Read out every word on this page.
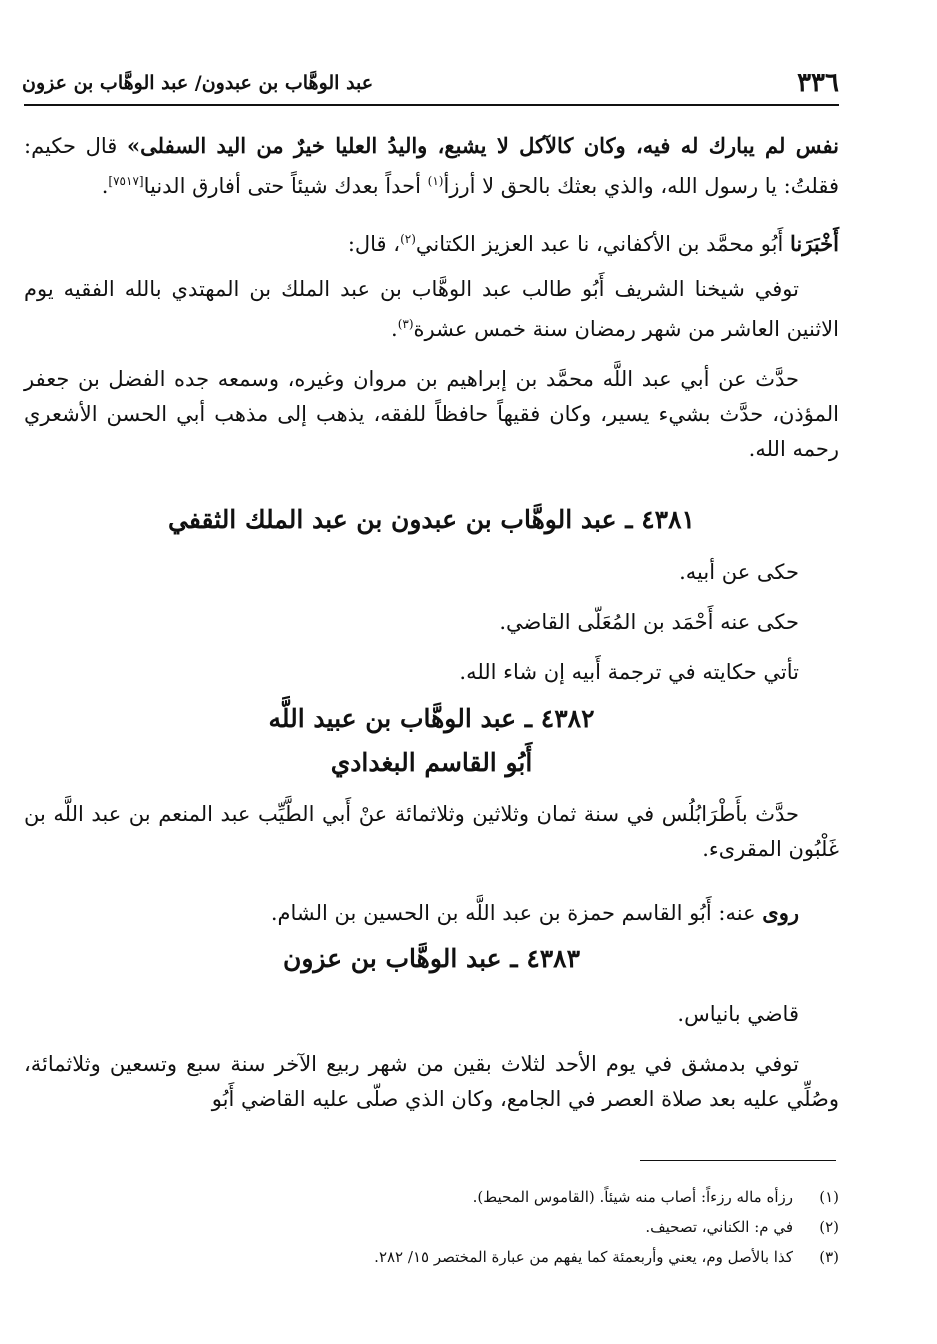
٣٣٦
عبد الوهَّاب بن عبدون/ عبد الوهَّاب بن عزون
نفس لم يبارك له فيه، وكان كالآكل لا يشبع، واليدُ العليا خيرٌ من اليد السفلى» قال حكيم: فقلتُ: يا رسول الله، والذي بعثك بالحق لا أرزأ$^{(١)}$ أحداً بعدك شيئاً حتى أفارق الدنيا[٧٥١٧].
أَخْبَرَنا أَبُو محمَّد بن الأكفاني، نا عبد العزيز الكتاني$^{(٢)}$، قال:
توفي شيخنا الشريف أَبُو طالب عبد الوهَّاب بن عبد الملك بن المهتدي بالله الفقيه يوم الاثنين العاشر من شهر رمضان سنة خمس عشرة$^{(٣)}$.
حدَّث عن أبي عبد اللَّه محمَّد بن إبراهيم بن مروان وغيره، وسمعه جده الفضل بن جعفر المؤذن، حدَّث بشيء يسير، وكان فقيهاً حافظاً للفقه، يذهب إلى مذهب أبي الحسن الأشعري رحمه الله.
٤٣٨١ ـ عبد الوهَّاب بن عبدون بن عبد الملك الثقفي
حكى عن أبيه.
حكى عنه أَحْمَد بن المُعَلّى القاضي.
تأتي حكايته في ترجمة أَبيه إن شاء الله.
٤٣٨٢ ـ عبد الوهَّاب بن عبيد اللَّه
أَبُو القاسم البغدادي
حدَّث بأَطْرَابُلُس في سنة ثمان وثلاثين وثلاثمائة عنْ أَبي الطَّيِّب عبد المنعم بن عبد اللَّه بن غَلْبُون المقرىء.
روى عنه: أَبُو القاسم حمزة بن عبد اللَّه بن الحسين بن الشام.
٤٣٨٣ ـ عبد الوهَّاب بن عزون
قاضي بانياس.
توفي بدمشق في يوم الأحد لثلاث بقين من شهر ربيع الآخر سنة سبع وتسعين وثلاثمائة، وصُلِّي عليه بعد صلاة العصر في الجامع، وكان الذي صلّى عليه القاضي أَبُو
(١)رزأه ماله رزءاً: أصاب منه شيئاً. (القاموس المحيط).
(٢)في م: الكناني، تصحيف.
(٣)كذا بالأصل وم، يعني وأربعمئة كما يفهم من عبارة المختصر ١٥/ ٢٨٢.
